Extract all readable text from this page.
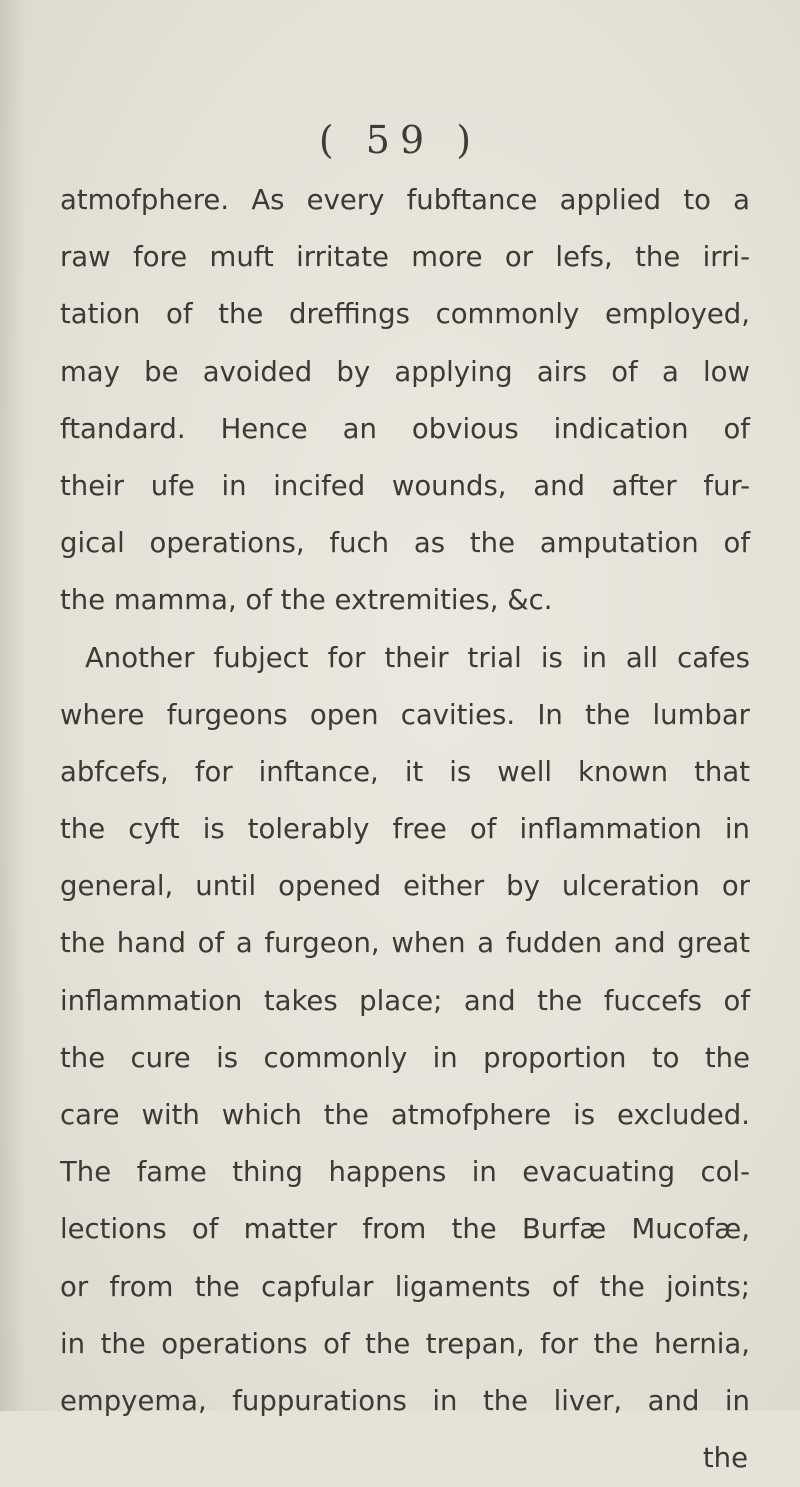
( 59 )
atmofphere. As every fubftance applied to a
raw fore muft irritate more or lefs, the irri-
tation of the dreffings commonly employed,
may be avoided by applying airs of a low
ftandard. Hence an obvious indication of
their ufe in incifed wounds, and after fur-
gical operations, fuch as the amputation of
the mamma, of the extremities, &c.
Another fubject for their trial is in all cafes
where furgeons open cavities. In the lumbar
abfcefs, for inftance, it is well known that
the cyft is tolerably free of inflammation in
general, until opened either by ulceration or
the hand of a furgeon, when a fudden and great
inflammation takes place; and the fuccefs of
the cure is commonly in proportion to the
care with which the atmofphere is excluded.
The fame thing happens in evacuating col-
lections of matter from the Burfæ Mucofæ,
or from the capfular ligaments of the joints;
in the operations of the trepan, for the hernia,
empyema, fuppurations in the liver, and in
the
